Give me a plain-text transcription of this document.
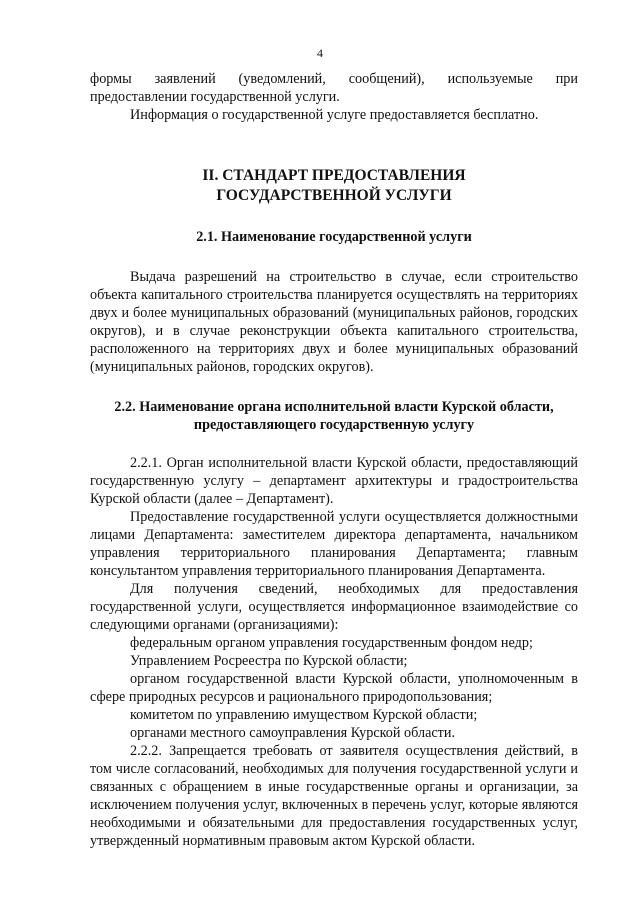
4

формы заявлений (уведомлений, сообщений), используемые при предоставлении государственной услуги.

Информация о государственной услуге предоставляется бесплатно.

II. СТАНДАРТ ПРЕДОСТАВЛЕНИЯ
ГОСУДАРСТВЕННОЙ УСЛУГИ
2.1. Наименование государственной услуги

Выдача разрешений на строительство в случае, если строительство объекта капитального строительства планируется осуществлять на территориях двух и более муниципальных образований (муниципальных районов, городских округов), и в случае реконструкции объекта капитального строительства, расположенного на территориях двух и более муниципальных образований (муниципальных районов, городских округов).

2.2. Наименование органа исполнительной власти Курской области,
предоставляющего государственную услугу

2.2.1. Орган исполнительной власти Курской области, предоставляющий государственную услугу – департамент архитектуры и градостроительства Курской области (далее – Департамент).

Предоставление государственной услуги осуществляется должностными лицами Департамента: заместителем директора департамента, начальником управления территориального планирования Департамента; главным консультантом управления территориального планирования Департамента.

Для получения сведений, необходимых для предоставления государственной услуги, осуществляется информационное взаимодействие со следующими органами (организациями):

федеральным органом управления государственным фондом недр;

Управлением Росреестра по Курской области;

органом государственной власти Курской области, уполномоченным в сфере природных ресурсов и рационального природопользования;

комитетом по управлению имуществом Курской области;

органами местного самоуправления Курской области.

2.2.2. Запрещается требовать от заявителя осуществления действий, в том числе согласований, необходимых для получения государственной услуги и связанных с обращением в иные государственные органы и организации, за исключением получения услуг, включенных в перечень услуг, которые являются необходимыми и обязательными для предоставления государственных услуг, утвержденный нормативным правовым актом Курской области.
